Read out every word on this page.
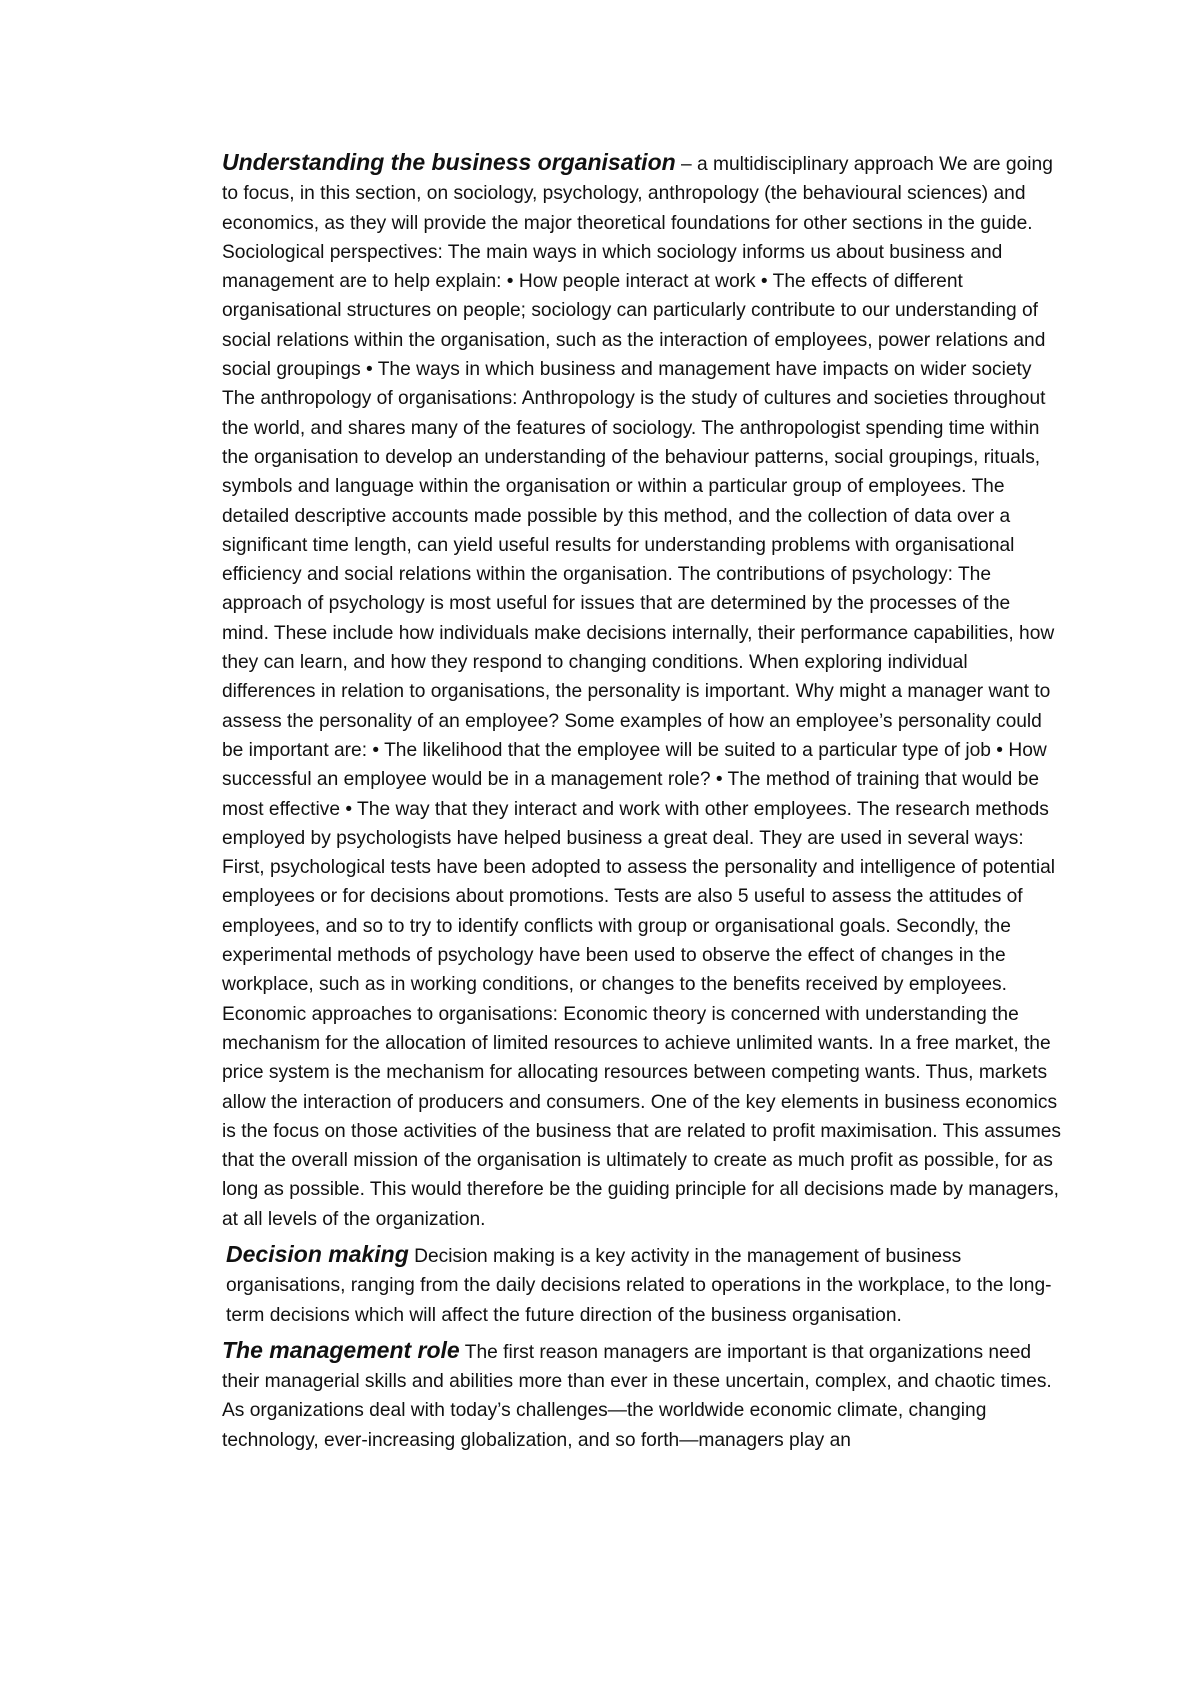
Understanding the business organisation – a multidisciplinary approach We are going to focus, in this section, on sociology, psychology, anthropology (the behavioural sciences) and economics, as they will provide the major theoretical foundations for other sections in the guide. Sociological perspectives: The main ways in which sociology informs us about business and management are to help explain: • How people interact at work • The effects of different organisational structures on people; sociology can particularly contribute to our understanding of social relations within the organisation, such as the interaction of employees, power relations and social groupings • The ways in which business and management have impacts on wider society The anthropology of organisations: Anthropology is the study of cultures and societies throughout the world, and shares many of the features of sociology. The anthropologist spending time within the organisation to develop an understanding of the behaviour patterns, social groupings, rituals, symbols and language within the organisation or within a particular group of employees. The detailed descriptive accounts made possible by this method, and the collection of data over a significant time length, can yield useful results for understanding problems with organisational efficiency and social relations within the organisation. The contributions of psychology: The approach of psychology is most useful for issues that are determined by the processes of the mind. These include how individuals make decisions internally, their performance capabilities, how they can learn, and how they respond to changing conditions. When exploring individual differences in relation to organisations, the personality is important. Why might a manager want to assess the personality of an employee? Some examples of how an employee’s personality could be important are: • The likelihood that the employee will be suited to a particular type of job • How successful an employee would be in a management role? • The method of training that would be most effective • The way that they interact and work with other employees. The research methods employed by psychologists have helped business a great deal. They are used in several ways: First, psychological tests have been adopted to assess the personality and intelligence of potential employees or for decisions about promotions. Tests are also 5 useful to assess the attitudes of employees, and so to try to identify conflicts with group or organisational goals. Secondly, the experimental methods of psychology have been used to observe the effect of changes in the workplace, such as in working conditions, or changes to the benefits received by employees. Economic approaches to organisations: Economic theory is concerned with understanding the mechanism for the allocation of limited resources to achieve unlimited wants. In a free market, the price system is the mechanism for allocating resources between competing wants. Thus, markets allow the interaction of producers and consumers. One of the key elements in business economics is the focus on those activities of the business that are related to profit maximisation. This assumes that the overall mission of the organisation is ultimately to create as much profit as possible, for as long as possible. This would therefore be the guiding principle for all decisions made by managers, at all levels of the organization.

Decision making Decision making is a key activity in the management of business organisations, ranging from the daily decisions related to operations in the workplace, to the long-term decisions which will affect the future direction of the business organisation.

The management role The first reason managers are important is that organizations need their managerial skills and abilities more than ever in these uncertain, complex, and chaotic times. As organizations deal with today’s challenges—the worldwide economic climate, changing technology, ever-increasing globalization, and so forth—managers play an
